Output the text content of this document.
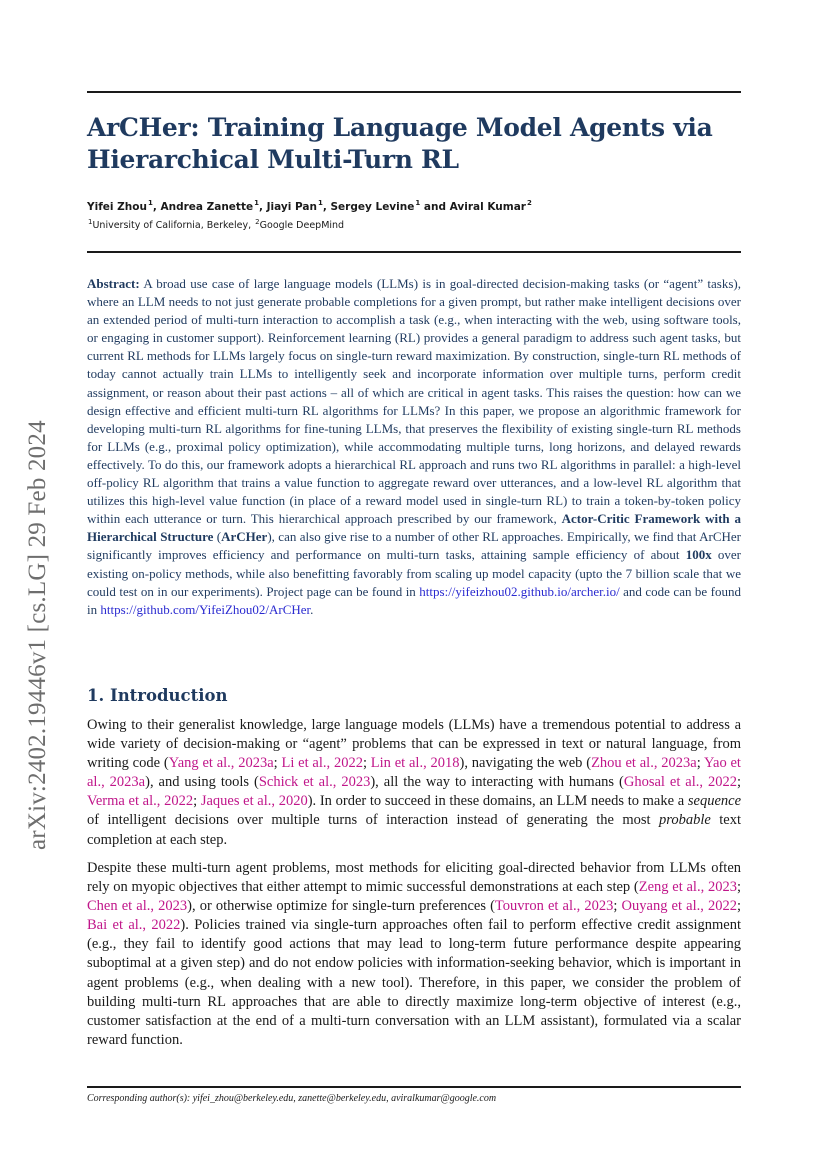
ArCHer: Training Language Model Agents via Hierarchical Multi-Turn RL
Yifei Zhou$^1$, Andrea Zanette$^1$, Jiayi Pan$^1$, Sergey Levine$^1$ and Aviral Kumar$^2$
$^1$University of California, Berkeley, $^2$Google DeepMind
arXiv:2402.19446v1 [cs.LG] 29 Feb 2024

Abstract: A broad use case of large language models (LLMs) is in goal-directed decision-making tasks (or “agent” tasks), where an LLM needs to not just generate probable completions for a given prompt, but rather make intelligent decisions over an extended period of multi-turn interaction to accomplish a task (e.g., when interacting with the web, using software tools, or engaging in customer support). Reinforcement learning (RL) provides a general paradigm to address such agent tasks, but current RL methods for LLMs largely focus on single-turn reward maximization. By construction, single-turn RL methods of today cannot actually train LLMs to intelligently seek and incorporate information over multiple turns, perform credit assignment, or reason about their past actions – all of which are critical in agent tasks. This raises the question: how can we design effective and efficient multi-turn RL algorithms for LLMs? In this paper, we propose an algorithmic framework for developing multi-turn RL algorithms for fine-tuning LLMs, that preserves the flexibility of existing single-turn RL methods for LLMs (e.g., proximal policy optimization), while accommodating multiple turns, long horizons, and delayed rewards effectively. To do this, our framework adopts a hierarchical RL approach and runs two RL algorithms in parallel: a high-level off-policy RL algorithm that trains a value function to aggregate reward over utterances, and a low-level RL algorithm that utilizes this high-level value function (in place of a reward model used in single-turn RL) to train a token-by-token policy within each utterance or turn. This hierarchical approach prescribed by our framework, Actor-Critic Framework with a Hierarchical Structure (ArCHer), can also give rise to a number of other RL approaches. Empirically, we find that ArCHer significantly improves efficiency and performance on multi-turn tasks, attaining sample efficiency of about 100x over existing on-policy methods, while also benefitting favorably from scaling up model capacity (upto the 7 billion scale that we could test on in our experiments). Project page can be found in https://yifeizhou02.github.io/archer.io/ and code can be found in https://github.com/YifeiZhou02/ArCHer.

1. Introduction

Owing to their generalist knowledge, large language models (LLMs) have a tremendous potential to address a wide variety of decision-making or “agent” problems that can be expressed in text or natural language, from writing code (Yang et al., 2023a; Li et al., 2022; Lin et al., 2018), navigating the web (Zhou et al., 2023a; Yao et al., 2023a), and using tools (Schick et al., 2023), all the way to interacting with humans (Ghosal et al., 2022; Verma et al., 2022; Jaques et al., 2020). In order to succeed in these domains, an LLM needs to make a sequence of intelligent decisions over multiple turns of interaction instead of generating the most probable text completion at each step.

Despite these multi-turn agent problems, most methods for eliciting goal-directed behavior from LLMs often rely on myopic objectives that either attempt to mimic successful demonstrations at each step (Zeng et al., 2023; Chen et al., 2023), or otherwise optimize for single-turn preferences (Touvron et al., 2023; Ouyang et al., 2022; Bai et al., 2022). Policies trained via single-turn approaches often fail to perform effective credit assignment (e.g., they fail to identify good actions that may lead to long-term future performance despite appearing suboptimal at a given step) and do not endow policies with information-seeking behavior, which is important in agent problems (e.g., when dealing with a new tool). Therefore, in this paper, we consider the problem of building multi-turn RL approaches that are able to directly maximize long-term objective of interest (e.g., customer satisfaction at the end of a multi-turn conversation with an LLM assistant), formulated via a scalar reward function.

Corresponding author(s): yifei_zhou@berkeley.edu, zanette@berkeley.edu, aviralkumar@google.com
